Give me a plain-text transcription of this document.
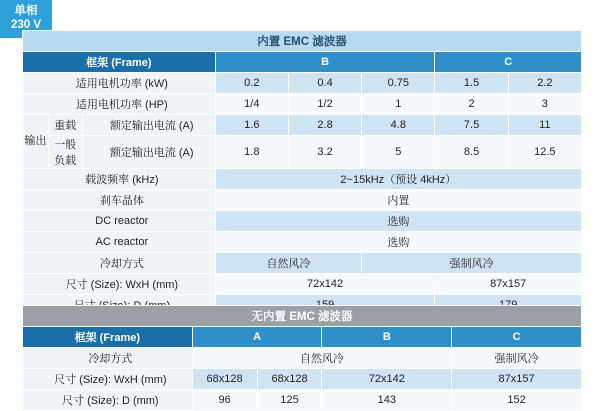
单相
230 V
内置 EMC 滤波器							
框架 (Frame)			B			C	
适用电机功率 (kW)			0.2	0.4	0.75	1.5	2.2
适用电机功率 (HP)			1/4	1/2	1	2	3
输出	重载	额定输出电流 (A)	1.6	2.8	4.8	7.5	11
	一般负载	额定输出电流 (A)	1.8	3.2	5	8.5	12.5
载波频率 (kHz)			2~15kHz（预设 4kHz）				
刹车晶体			内置				
DC reactor			选购				
AC reactor			选购				
冷却方式			自然风冷		强制风冷		
尺寸 (Size): WxH (mm)			72x142			87x157	

无内置 EMC 滤波器				
框架 (Frame)	A		B	C
冷却方式	自然风冷			强制风冷
尺寸 (Size): WxH (mm)	68x128	68x128	72x142	87x157
尺寸 (Size): D (mm)	96	125	143	152
